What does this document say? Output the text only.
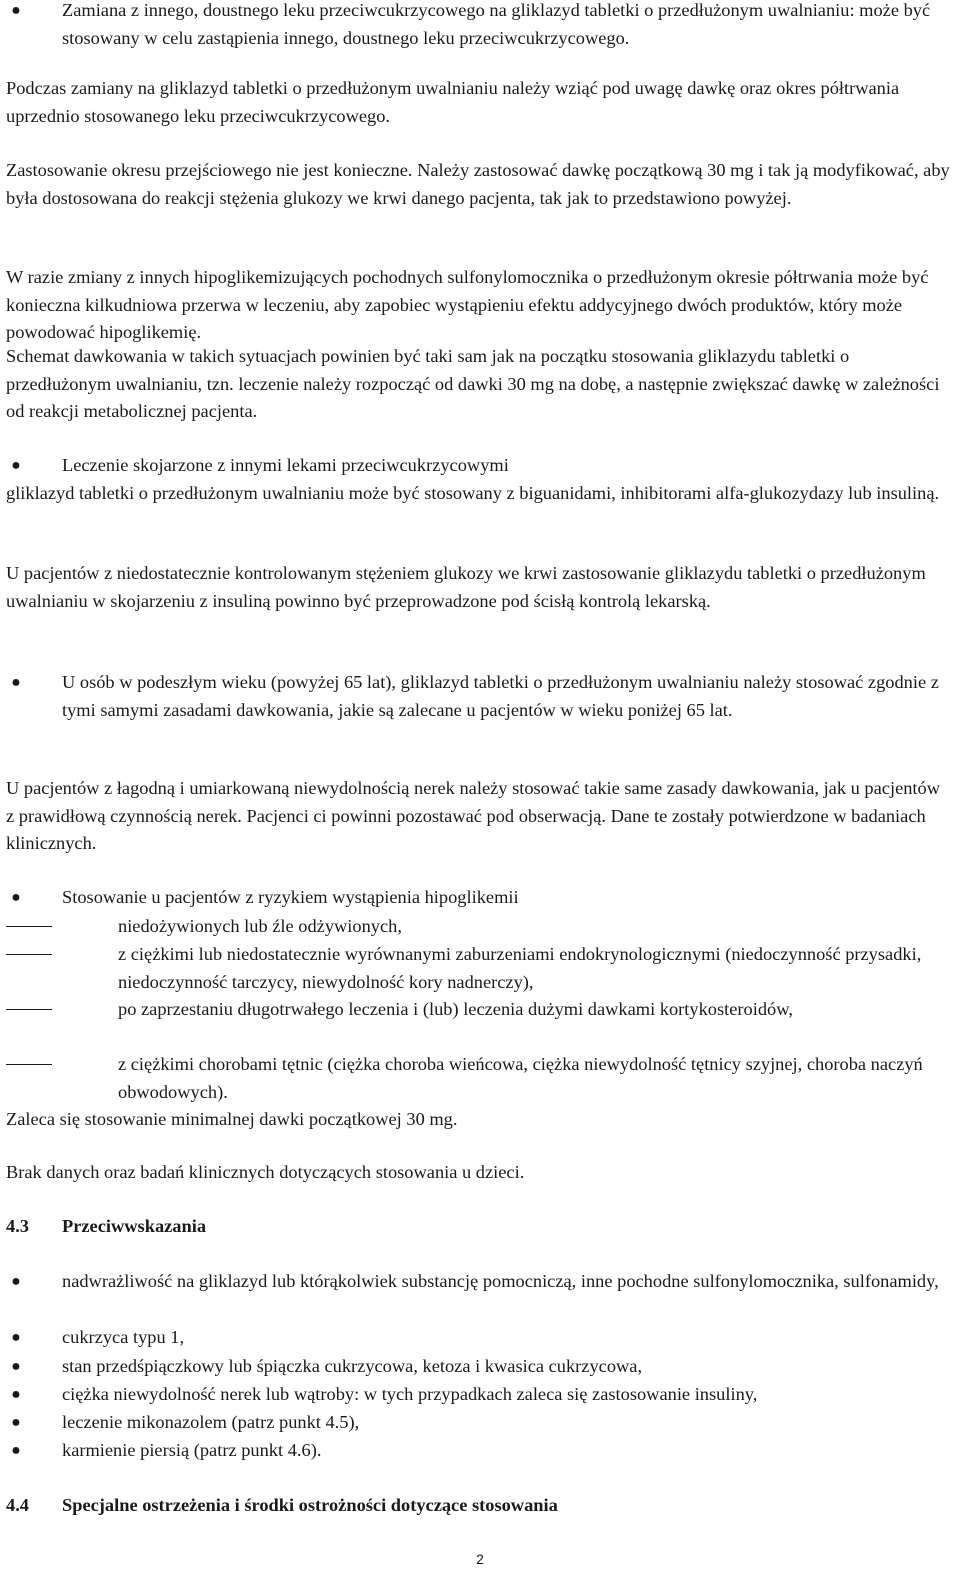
● Zamiana z innego, doustnego leku przeciwcukrzycowego na gliklazyd tabletki o przedłużonym uwalnianiu: może być stosowany w celu zastąpienia innego, doustnego leku przeciwcukrzycowego.

Podczas zamiany na gliklazyd tabletki o przedłużonym uwalnianiu należy wziąć pod uwagę dawkę oraz okres półtrwania uprzednio stosowanego leku przeciwcukrzycowego.

Zastosowanie okresu przejściowego nie jest konieczne. Należy zastosować dawkę początkową 30 mg i tak ją modyfikować, aby była dostosowana do reakcji stężenia glukozy we krwi danego pacjenta, tak jak to przedstawiono powyżej.

W razie zmiany z innych hipoglikemizujących pochodnych sulfonylomocznika o przedłużonym okresie półtrwania może być konieczna kilkudniowa przerwa w leczeniu, aby zapobiec wystąpieniu efektu addycyjnego dwóch produktów, który może powodować hipoglikemię.

Schemat dawkowania w takich sytuacjach powinien być taki sam jak na początku stosowania gliklazydu tabletki o przedłużonym uwalnianiu, tzn. leczenie należy rozpocząć od dawki 30 mg na dobę, a następnie zwiększać dawkę w zależności od reakcji metabolicznej pacjenta.

● Leczenie skojarzone z innymi lekami przeciwcukrzycowymi

gliklazyd tabletki o przedłużonym uwalnianiu może być stosowany z biguanidami, inhibitorami alfa-glukozydazy lub insuliną.

U pacjentów z niedostatecznie kontrolowanym stężeniem glukozy we krwi zastosowanie gliklazydu tabletki o przedłużonym uwalnianiu w skojarzeniu z insuliną powinno być przeprowadzone pod ścisłą kontrolą lekarską.

● U osób w podeszłym wieku (powyżej 65 lat), gliklazyd tabletki o przedłużonym uwalnianiu należy stosować zgodnie z tymi samymi zasadami dawkowania, jakie są zalecane u pacjentów w wieku poniżej 65 lat.

U pacjentów z łagodną i umiarkowaną niewydolnością nerek należy stosować takie same zasady dawkowania, jak u pacjentów z prawidłową czynnością nerek. Pacjenci ci powinni pozostawać pod obserwacją. Dane te zostały potwierdzone w badaniach klinicznych.

● Stosowanie u pacjentów z ryzykiem wystąpienia hipoglikemii
niedożywionych lub źle odżywionych,
z ciężkimi lub niedostatecznie wyrównanymi zaburzeniami endokrynologicznymi (niedoczynność przysadki, niedoczynność tarczycy, niewydolność kory nadnerczy),
po zaprzestaniu długotrwałego leczenia i (lub) leczenia dużymi dawkami kortykosteroidów,
z ciężkimi chorobami tętnic (ciężka choroba wieńcowa, ciężka niewydolność tętnicy szyjnej, choroba naczyń obwodowych).

Zaleca się stosowanie minimalnej dawki początkowej 30 mg.

Brak danych oraz badań klinicznych dotyczących stosowania u dzieci.

4.3 Przeciwwskazania
● nadwrażliwość na gliklazyd lub którąkolwiek substancję pomocniczą, inne pochodne sulfonylomocznika, sulfonamidy,
● cukrzyca typu 1,
● stan przedśpiączkowy lub śpiączka cukrzycowa, ketoza i kwasica cukrzycowa,
● ciężka niewydolność nerek lub wątroby: w tych przypadkach zaleca się zastosowanie insuliny,
● leczenie mikonazolem (patrz punkt 4.5),
● karmienie piersią (patrz punkt 4.6).
4.4 Specjalne ostrzeżenia i środki ostrożności dotyczące stosowania
2
